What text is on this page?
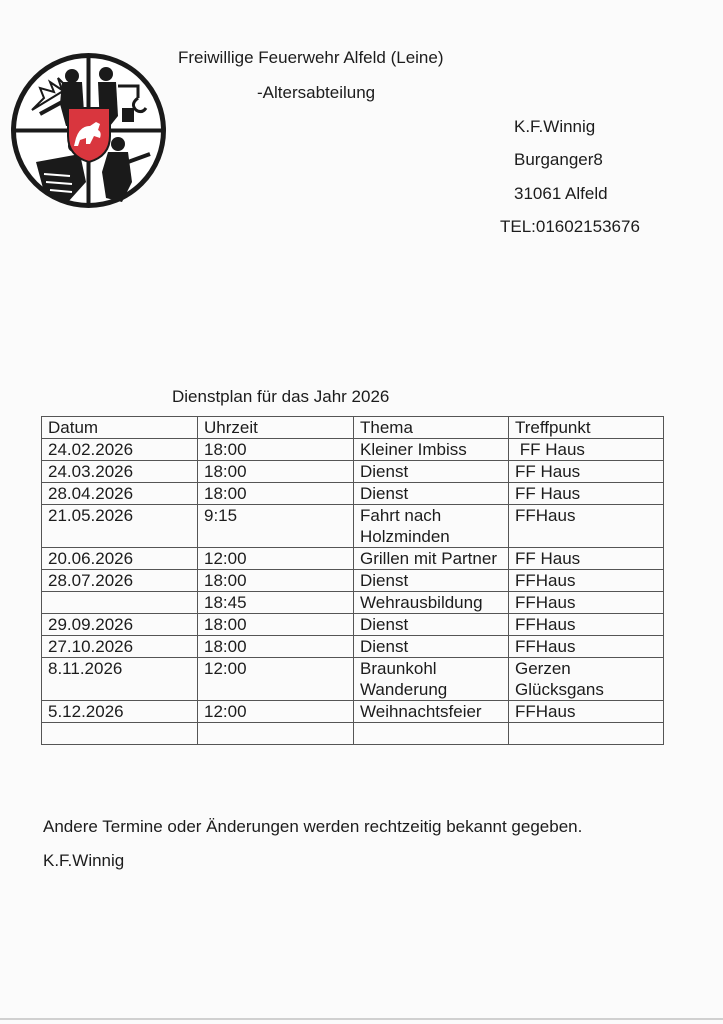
Freiwillige Feuerwehr Alfeld (Leine)
-Altersabteilung
K.F.Winnig
Burganger8
31061 Alfeld
TEL:01602153676
Dienstplan für das Jahr 2026
Datum	Uhrzeit	Thema	Treffpunkt
24.02.2026	18:00	Kleiner Imbiss	FF Haus
24.03.2026	18:00	Dienst	FF Haus
28.04.2026	18:00	Dienst	FF Haus
21.05.2026	9:15	Fahrt nach Holzminden	FFHaus
20.06.2026	12:00	Grillen mit Partner	FF Haus
28.07.2026	18:00	Dienst	FFHaus
	18:45	Wehrausbildung	FFHaus
29.09.2026	18:00	Dienst	FFHaus
27.10.2026	18:00	Dienst	FFHaus
8.11.2026	12:00	Braunkohl Wanderung	Gerzen Glücksgans
5.12.2026	12:00	Weihnachtsfeier	FFHaus

Andere Termine oder Änderungen werden rechtzeitig bekannt gegeben.
K.F.Winnig
